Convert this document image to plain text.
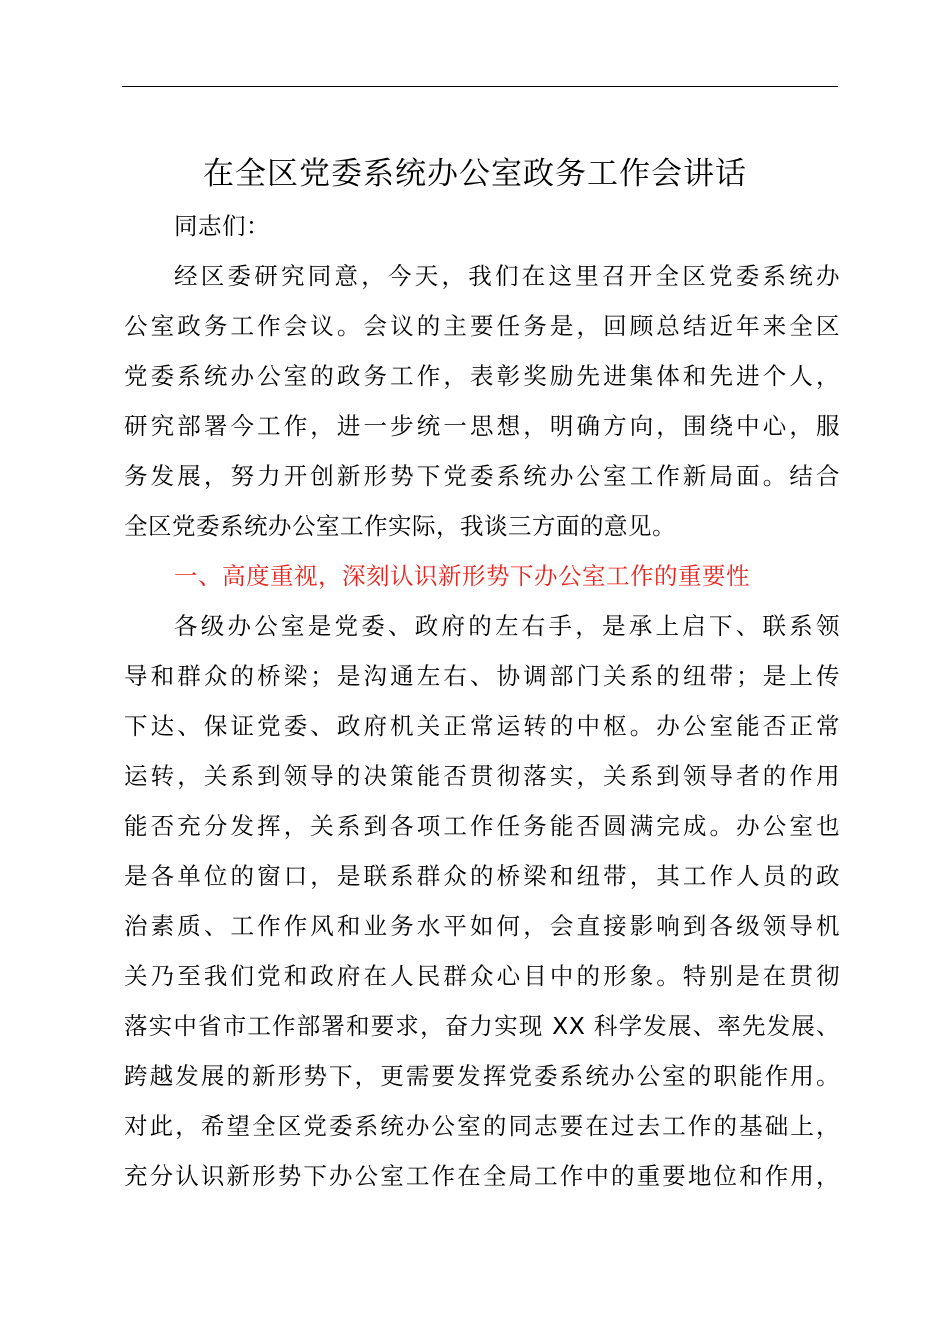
在全区党委系统办公室政务工作会讲话
同志们：
经区委研究同意，今天，我们在这里召开全区党委系统办
公室政务工作会议。会议的主要任务是，回顾总结近年来全区
党委系统办公室的政务工作，表彰奖励先进集体和先进个人，
研究部署今工作，进一步统一思想，明确方向，围绕中心，服
务发展，努力开创新形势下党委系统办公室工作新局面。结合
全区党委系统办公室工作实际，我谈三方面的意见。
一、高度重视，深刻认识新形势下办公室工作的重要性
各级办公室是党委、政府的左右手，是承上启下、联系领
导和群众的桥梁；是沟通左右、协调部门关系的纽带；是上传
下达、保证党委、政府机关正常运转的中枢。办公室能否正常
运转，关系到领导的决策能否贯彻落实，关系到领导者的作用
能否充分发挥，关系到各项工作任务能否圆满完成。办公室也
是各单位的窗口，是联系群众的桥梁和纽带，其工作人员的政
治素质、工作作风和业务水平如何，会直接影响到各级领导机
关乃至我们党和政府在人民群众心目中的形象。特别是在贯彻
落实中省市工作部署和要求，奋力实现 XX 科学发展、率先发展、
跨越发展的新形势下，更需要发挥党委系统办公室的职能作用。
对此，希望全区党委系统办公室的同志要在过去工作的基础上，
充分认识新形势下办公室工作在全局工作中的重要地位和作用，
